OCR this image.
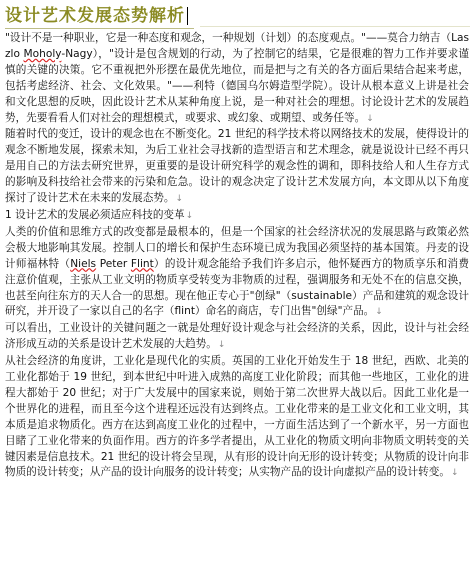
设计艺术发展态势解析

"设计不是一种职业，它是一种态度和观念，一种规划（计划）的态度观点。"——莫合力纳吉（Laszlo Moholy-Nagy），"设计是包含规划的行动，为了控制它的结果，它是很难的智力工作并要求谨慎的关键的决策。它不重视把外形摆在最优先地位，而是把与之有关的各方面后果结合起来考虑，包括考虑经济、社会、文化效果。"——利特（德国乌尔姆造型学院）。设计从根本意义上讲是社会和文化思想的反映，因此设计艺术从某种角度上说，是一种对社会的理想。讨论设计艺术的发展趋势，先要看看人们对社会的理想模式，或要求、或幻象、或期望、或务任等。↓

随着时代的变迁，设计的观念也在不断变化。21 世纪的科学技术将以网络技术的发展，使得设计的观念不断地发展，探索未知，为后工业社会寻找新的造型语言和艺术理念，就是说设计已经不再只是用自己的方法去研究世界，更重要的是设计研究科学的观念性的调和，即科技给人和人生存方式的影响及科技给社会带来的污染和危急。设计的观念决定了设计艺术发展方向，本文即从以下角度探讨了设计艺术在未来的发展态势。↓

1 设计艺术的发展必须适应科技的变革↓

人类的价值和思维方式的改变都是最根本的，但是一个国家的社会经济状况的发展思路与政策必然会极大地影响其发展。控制人口的增长和保护生态环境已成为我国必须坚持的基本国策。丹麦的设计师福林特（Niels Peter Flint）的设计观念能给予我们许多启示，他怀疑西方的物质享乐和消费注意价值观，主张从工业文明的物质享受转变为非物质的过程，强调服务和无处不在的信息交换，也甚至向往东方的天人合一的思想。现在他正专心于"创绿"（sustainable）产品和建筑的观念设计研究，并开设了一家以自己的名字（flint）命名的商店，专门出售"创绿"产品。↓

可以看出，工业设计的关键问题之一就是处理好设计观念与社会经济的关系，因此，设计与社会经济形成互动的关系是设计艺术发展的大趋势。↓

从社会经济的角度讲，工业化是现代化的实质。英国的工业化开始发生于 18 世纪，西欧、北美的工业化都始于 19 世纪，到本世纪中叶进入成熟的高度工业化阶段；而其他一些地区，工业化的进程大都始于 20 世纪；对于广大发展中的国家来说，则始于第二次世界大战以后。因此工业化是一个世界化的进程，而且至今这个进程还远没有达到终点。工业化带来的是工业文化和工业文明，其本质是追求物质化。西方在达到高度工业化的过程中，一方面生活达到了一个新水平，另一方面也目睹了工业化带来的负面作用。西方的许多学者提出，从工业化的物质文明向非物质文明转变的关键因素是信息技术。21 世纪的设计将会呈现，从有形的设计向无形的设计转变；从物质的设计向非物质的设计转变；从产品的设计向服务的设计转变；从实物产品的设计向虚拟产品的设计转变。↓
